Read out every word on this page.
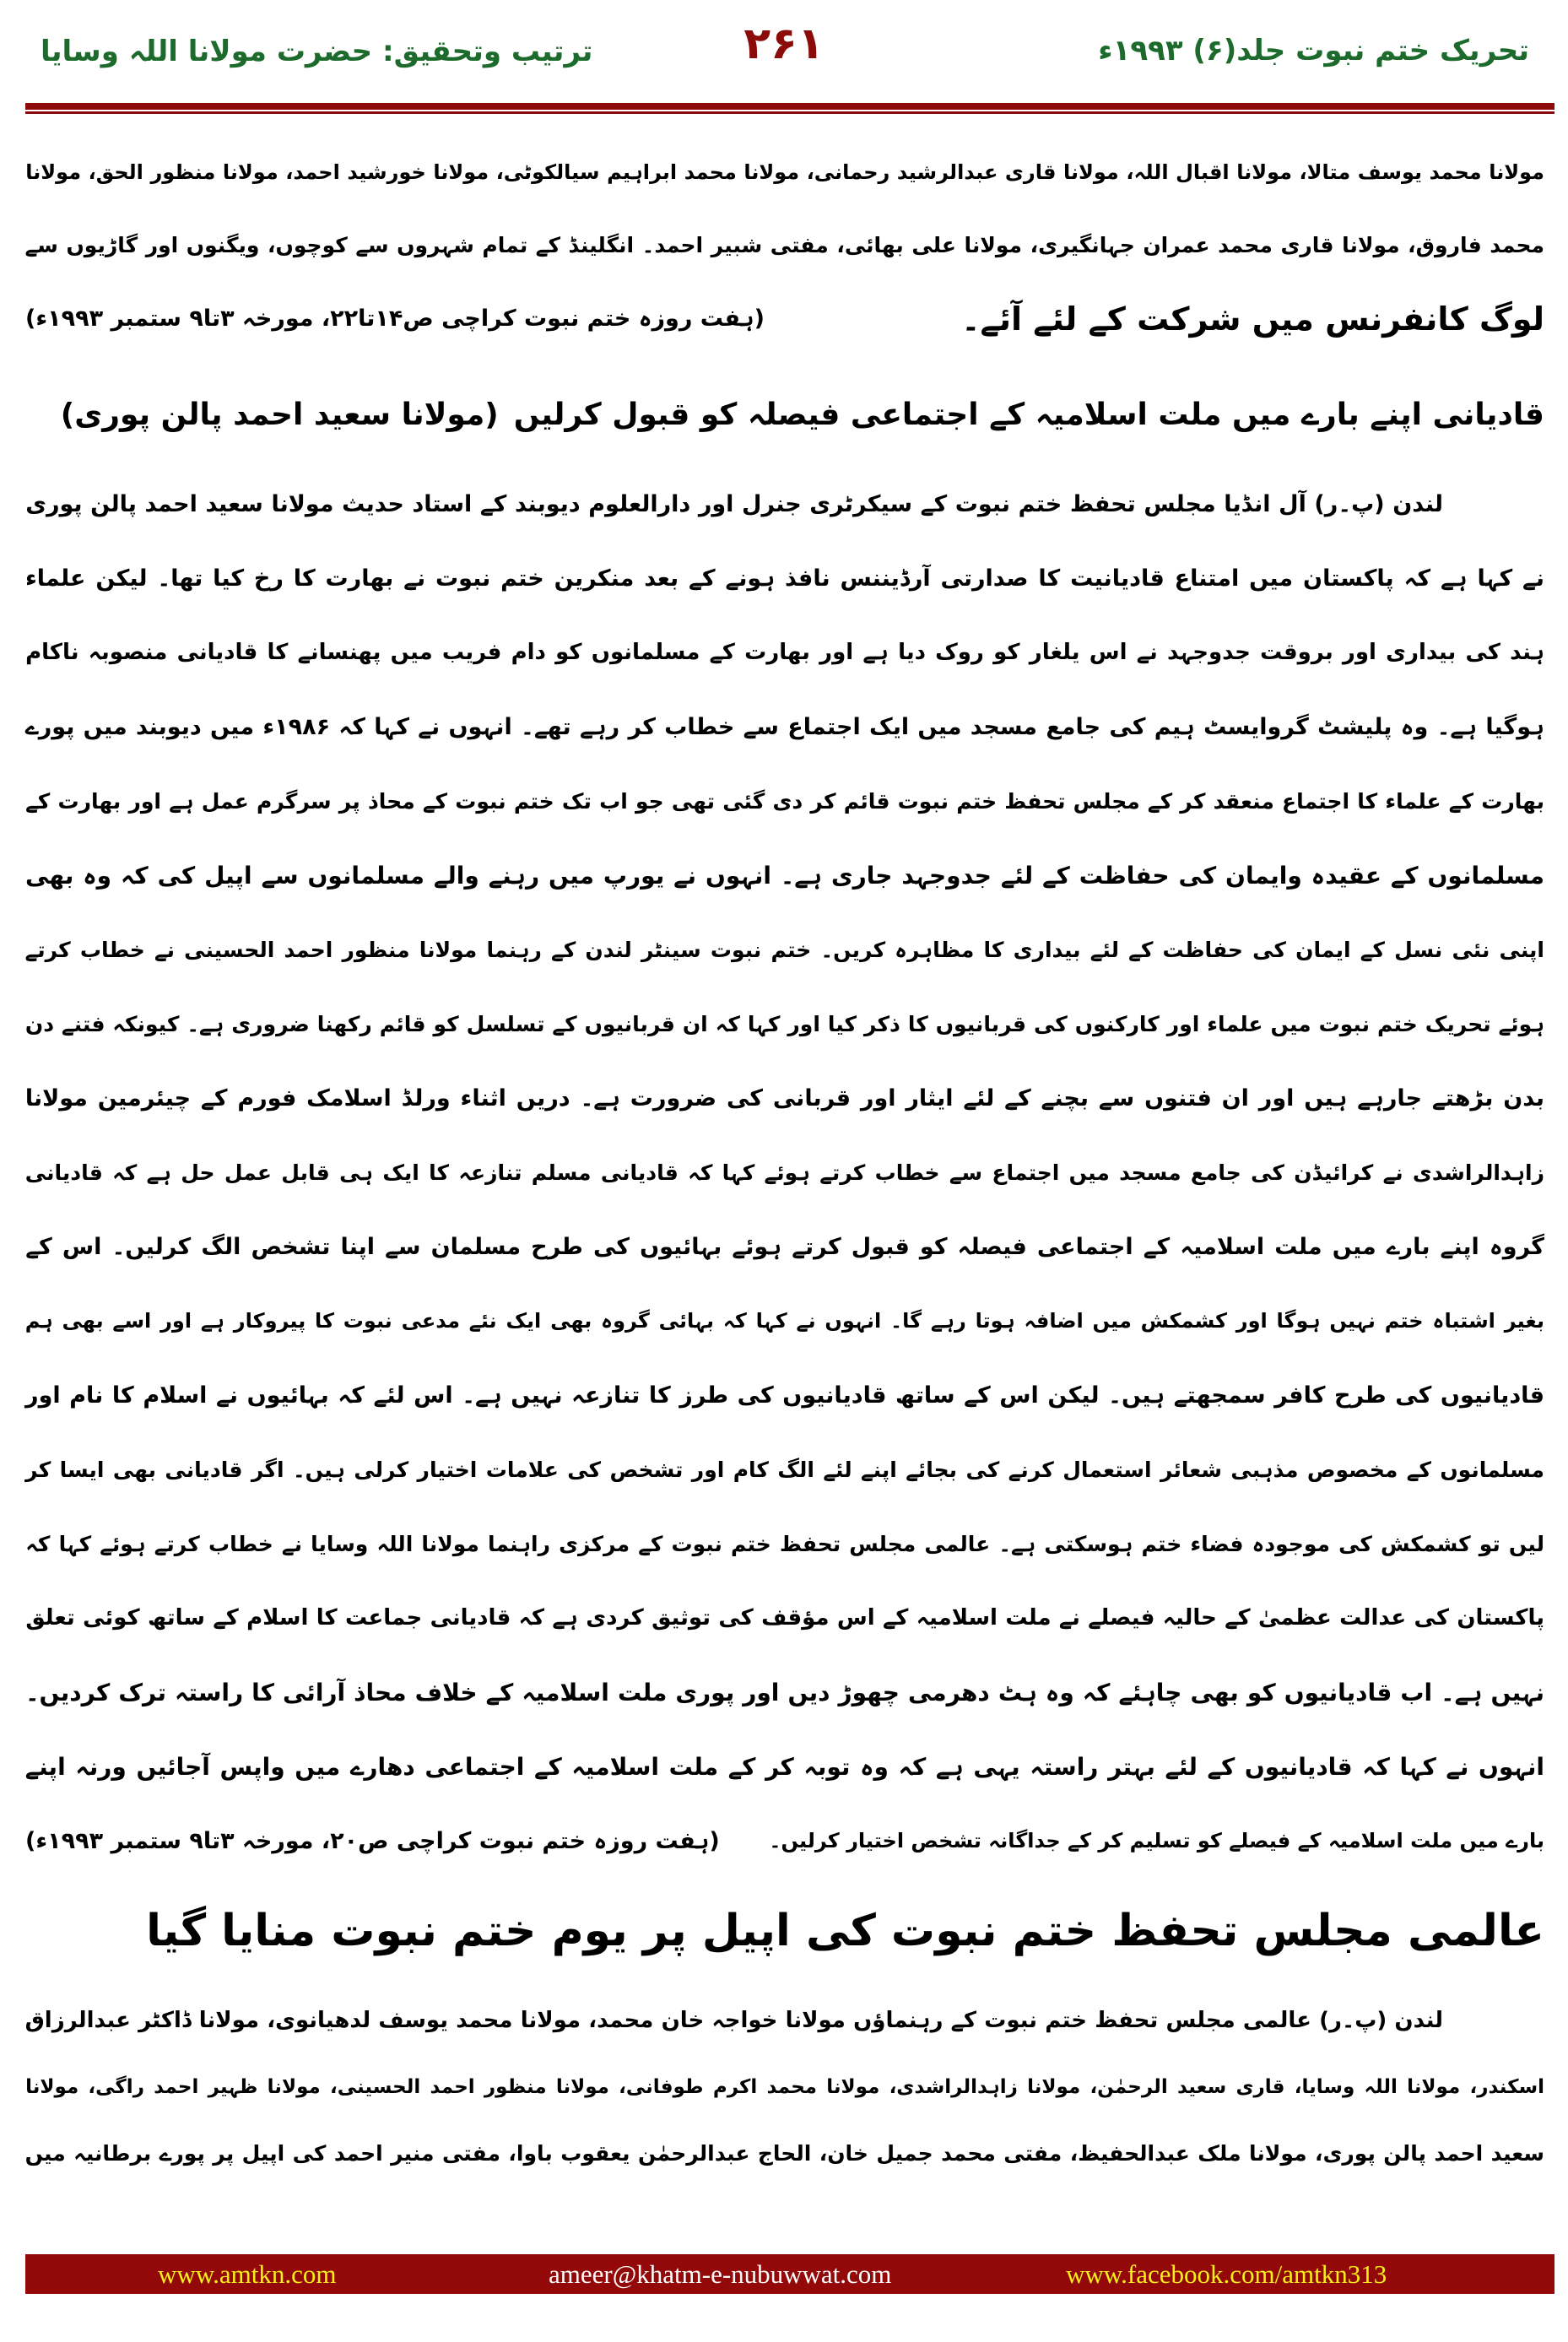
تحریک ختم نبوت جلد(۶) ۱۹۹۳ء
۲۶۱
ترتیب وتحقیق: حضرت مولانا اللہ وسایا
مولانا محمد یوسف متالا، مولانا اقبال اللہ، مولانا قاری عبدالرشید رحمانی، مولانا محمد ابراہیم سیالکوٹی، مولانا خورشید احمد، مولانا منظور الحق، مولانا
محمد فاروق، مولانا قاری محمد عمران جہانگیری، مولانا علی بھائی، مفتی شبیر احمد۔ انگلینڈ کے تمام شہروں سے کوچوں، ویگنوں اور گاڑیوں سے
لوگ کانفرنس میں شرکت کے لئے آئے۔
(ہفت روزہ ختم نبوت کراچی ص۱۴تا۲۲، مورخہ ۳تا۹ ستمبر ۱۹۹۳ء)
قادیانی اپنے بارے میں ملت اسلامیہ کے اجتماعی فیصلہ کو قبول کرلیں
(مولانا سعید احمد پالن پوری)
لندن (پ۔ر) آل انڈیا مجلس تحفظ ختم نبوت کے سیکرٹری جنرل اور دارالعلوم دیوبند کے استاد حدیث مولانا سعید احمد پالن پوری
نے کہا ہے کہ پاکستان میں امتناع قادیانیت کا صدارتی آرڈیننس نافذ ہونے کے بعد منکرین ختم نبوت نے بھارت کا رخ کیا تھا۔ لیکن علماء
ہند کی بیداری اور بروقت جدوجہد نے اس یلغار کو روک دیا ہے اور بھارت کے مسلمانوں کو دام فریب میں پھنسانے کا قادیانی منصوبہ ناکام
ہوگیا ہے۔ وہ پلیشٹ گروایسٹ ہیم کی جامع مسجد میں ایک اجتماع سے خطاب کر رہے تھے۔ انہوں نے کہا کہ ۱۹۸۶ء میں دیوبند میں پورے
بھارت کے علماء کا اجتماع منعقد کر کے مجلس تحفظ ختم نبوت قائم کر دی گئی تھی جو اب تک ختم نبوت کے محاذ پر سرگرم عمل ہے اور بھارت کے
مسلمانوں کے عقیدہ وایمان کی حفاظت کے لئے جدوجہد جاری ہے۔ انہوں نے یورپ میں رہنے والے مسلمانوں سے اپیل کی کہ وہ بھی
اپنی نئی نسل کے ایمان کی حفاظت کے لئے بیداری کا مظاہرہ کریں۔ ختم نبوت سینٹر لندن کے رہنما مولانا منظور احمد الحسینی نے خطاب کرتے
ہوئے تحریک ختم نبوت میں علماء اور کارکنوں کی قربانیوں کا ذکر کیا اور کہا کہ ان قربانیوں کے تسلسل کو قائم رکھنا ضروری ہے۔ کیونکہ فتنے دن
بدن بڑھتے جارہے ہیں اور ان فتنوں سے بچنے کے لئے ایثار اور قربانی کی ضرورت ہے۔ دریں اثناء ورلڈ اسلامک فورم کے چیئرمین مولانا
زاہدالراشدی نے کرائیڈن کی جامع مسجد میں اجتماع سے خطاب کرتے ہوئے کہا کہ قادیانی مسلم تنازعہ کا ایک ہی قابل عمل حل ہے کہ قادیانی
گروہ اپنے بارے میں ملت اسلامیہ کے اجتماعی فیصلہ کو قبول کرتے ہوئے بہائیوں کی طرح مسلمان سے اپنا تشخص الگ کرلیں۔ اس کے
بغیر اشتباہ ختم نہیں ہوگا اور کشمکش میں اضافہ ہوتا رہے گا۔ انہوں نے کہا کہ بہائی گروہ بھی ایک نئے مدعی نبوت کا پیروکار ہے اور اسے بھی ہم
قادیانیوں کی طرح کافر سمجھتے ہیں۔ لیکن اس کے ساتھ قادیانیوں کی طرز کا تنازعہ نہیں ہے۔ اس لئے کہ بہائیوں نے اسلام کا نام اور
مسلمانوں کے مخصوص مذہبی شعائر استعمال کرنے کی بجائے اپنے لئے الگ کام اور تشخص کی علامات اختیار کرلی ہیں۔ اگر قادیانی بھی ایسا کر
لیں تو کشمکش کی موجودہ فضاء ختم ہوسکتی ہے۔ عالمی مجلس تحفظ ختم نبوت کے مرکزی راہنما مولانا اللہ وسایا نے خطاب کرتے ہوئے کہا کہ
پاکستان کی عدالت عظمیٰ کے حالیہ فیصلے نے ملت اسلامیہ کے اس مؤقف کی توثیق کردی ہے کہ قادیانی جماعت کا اسلام کے ساتھ کوئی تعلق
نہیں ہے۔ اب قادیانیوں کو بھی چاہئے کہ وہ ہٹ دھرمی چھوڑ دیں اور پوری ملت اسلامیہ کے خلاف محاذ آرائی کا راستہ ترک کردیں۔
انہوں نے کہا کہ قادیانیوں کے لئے بہتر راستہ یہی ہے کہ وہ توبہ کر کے ملت اسلامیہ کے اجتماعی دھارے میں واپس آجائیں ورنہ اپنے
بارے میں ملت اسلامیہ کے فیصلے کو تسلیم کر کے جداگانہ تشخص اختیار کرلیں۔
(ہفت روزہ ختم نبوت کراچی ص۲۰، مورخہ ۳تا۹ ستمبر ۱۹۹۳ء)
عالمی مجلس تحفظ ختم نبوت کی اپیل پر یوم ختم نبوت منایا گیا
لندن (پ۔ر) عالمی مجلس تحفظ ختم نبوت کے رہنماؤں مولانا خواجہ خان محمد، مولانا محمد یوسف لدھیانوی، مولانا ڈاکٹر عبدالرزاق
اسکندر، مولانا اللہ وسایا، قاری سعید الرحمٰن، مولانا زاہدالراشدی، مولانا محمد اکرم طوفانی، مولانا منظور احمد الحسینی، مولانا ظہیر احمد راگی، مولانا
سعید احمد پالن پوری، مولانا ملک عبدالحفیظ، مفتی محمد جمیل خان، الحاج عبدالرحمٰن یعقوب باوا، مفتی منیر احمد کی اپیل پر پورے برطانیہ میں
www.amtkn.com	ameer@khatm-e-nubuwwat.com	www.facebook.com/amtkn313
